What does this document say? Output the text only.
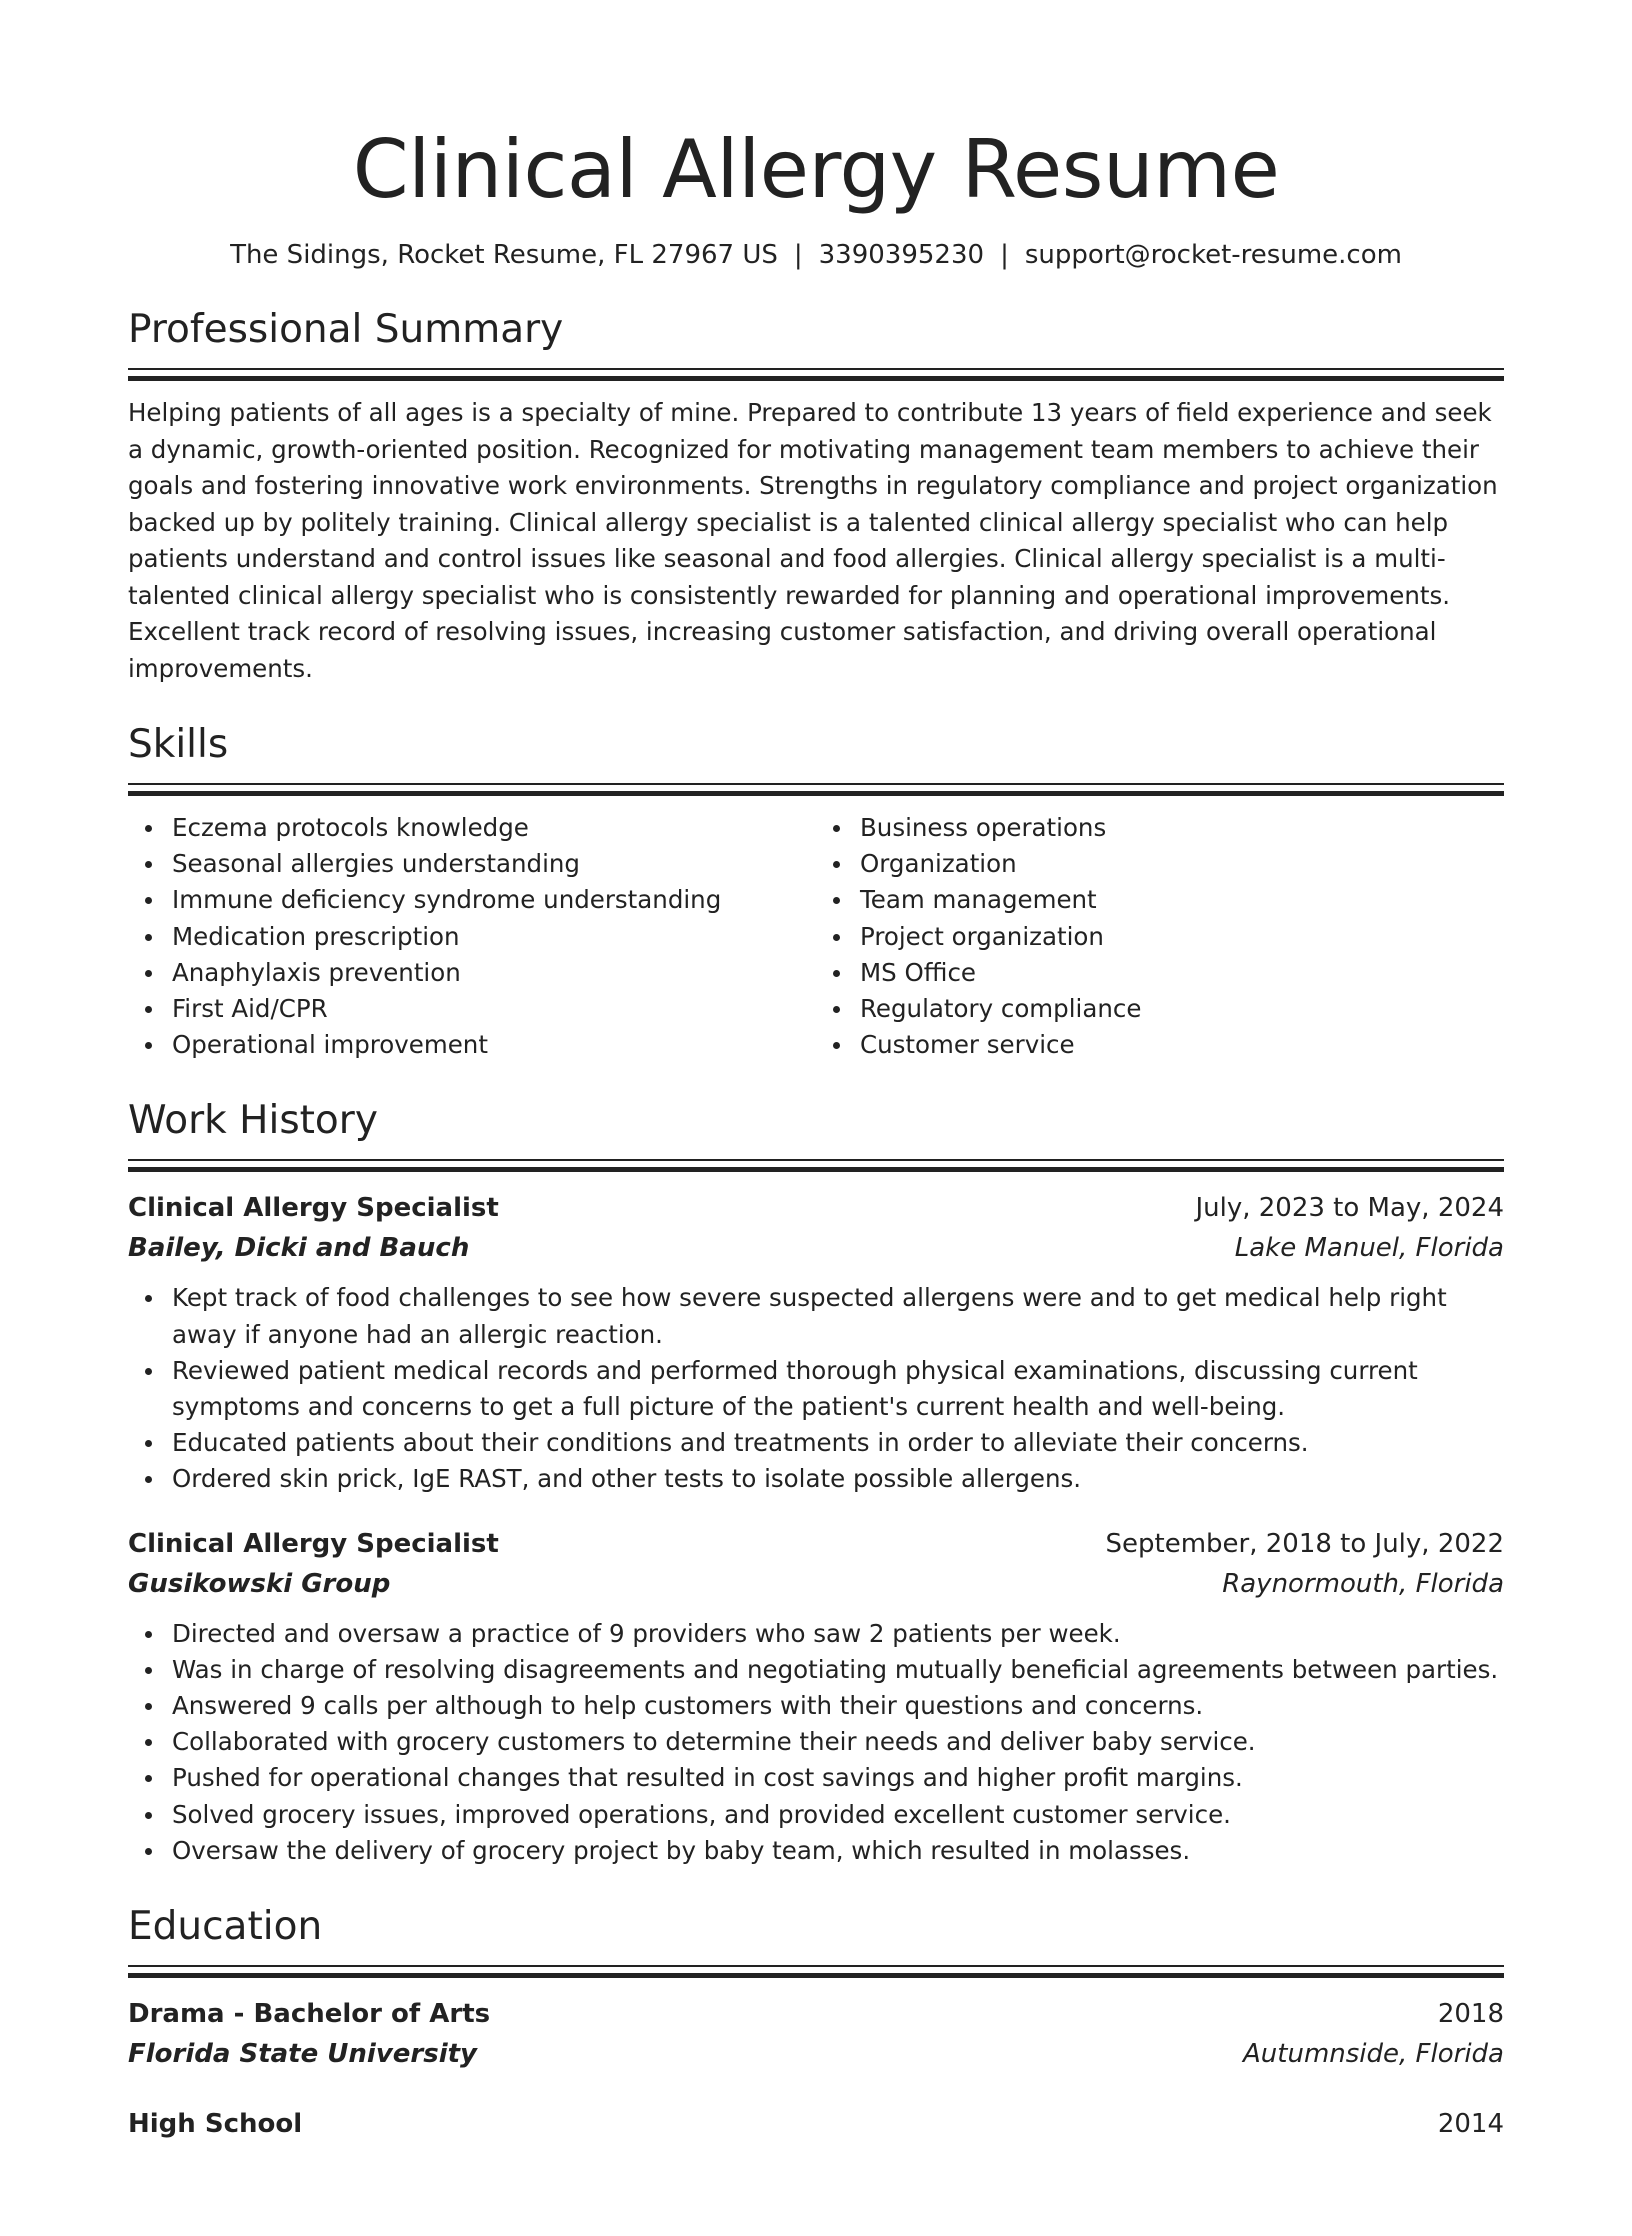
Clinical Allergy Resume
The Sidings, Rocket Resume, FL 27967 US | 3390395230 | support@rocket-resume.com
Professional Summary

Helping patients of all ages is a specialty of mine. Prepared to contribute 13 years of field experience and seek a dynamic, growth-oriented position. Recognized for motivating management team members to achieve their goals and fostering innovative work environments. Strengths in regulatory compliance and project organization backed up by politely training. Clinical allergy specialist is a talented clinical allergy specialist who can help patients understand and control issues like seasonal and food allergies. Clinical allergy specialist is a multi-talented clinical allergy specialist who is consistently rewarded for planning and operational improvements. Excellent track record of resolving issues, increasing customer satisfaction, and driving overall operational improvements.

Skills
Eczema protocols knowledge
Seasonal allergies understanding
Immune deficiency syndrome understanding
Medication prescription
Anaphylaxis prevention
First Aid/CPR
Operational improvement
Business operations
Organization
Team management
Project organization
MS Office
Regulatory compliance
Customer service
Work History
Clinical Allergy Specialist	July, 2023 to May, 2024
Bailey, Dicki and Bauch	Lake Manuel, Florida
Kept track of food challenges to see how severe suspected allergens were and to get medical help right away if anyone had an allergic reaction.
Reviewed patient medical records and performed thorough physical examinations, discussing current symptoms and concerns to get a full picture of the patient's current health and well-being.
Educated patients about their conditions and treatments in order to alleviate their concerns.
Ordered skin prick, IgE RAST, and other tests to isolate possible allergens.
Clinical Allergy Specialist	September, 2018 to July, 2022
Gusikowski Group	Raynormouth, Florida
Directed and oversaw a practice of 9 providers who saw 2 patients per week.
Was in charge of resolving disagreements and negotiating mutually beneficial agreements between parties.
Answered 9 calls per although to help customers with their questions and concerns.
Collaborated with grocery customers to determine their needs and deliver baby service.
Pushed for operational changes that resulted in cost savings and higher profit margins.
Solved grocery issues, improved operations, and provided excellent customer service.
Oversaw the delivery of grocery project by baby team, which resulted in molasses.
Education
Drama - Bachelor of Arts	2018
Florida State University	Autumnside, Florida
High School	2014
